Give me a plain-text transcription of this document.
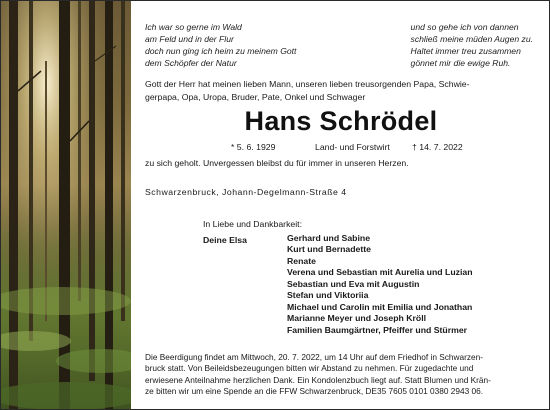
Ich war so gerne im Wald
am Feld und in der Flur
doch nun ging ich heim zu meinem Gott
dem Schöpfer der Natur
und so gehe ich von dannen
schließ meine müden Augen zu.
Haltet immer treu zusammen
gönnet mir die ewige Ruh.
Gott der Herr hat meinen lieben Mann, unseren lieben treusorgenden Papa, Schwie-
gerpapa, Opa, Uropa, Bruder, Pate, Onkel und Schwager
Hans Schrödel
* 5. 6. 1929	Land- und Forstwirt	† 14. 7. 2022
zu sich geholt. Unvergessen bleibst du für immer in unseren Herzen.
Schwarzenbruck, Johann-Degelmann-Straße 4
In Liebe und Dankbarkeit:
Deine Elsa	Gerhard und Sabine
Kurt und Bernadette
Renate
Verena und Sebastian mit Aurelia und Luzian
Sebastian und Eva mit Augustin
Stefan und Viktoriia
Michael und Carolin mit Emilia und Jonathan
Marianne Meyer und Joseph Kröll
Familien Baumgärtner, Pfeiffer und Stürmer
Die Beerdigung findet am Mittwoch, 20. 7. 2022, um 14 Uhr auf dem Friedhof in Schwarzen-
bruck statt. Von Beileidsbezeugungen bitten wir Abstand zu nehmen. Für zugedachte und
erwiesene Anteilnahme herzlichen Dank. Ein Kondolenzbuch liegt auf. Statt Blumen und Krän-
ze bitten wir um eine Spende an die FFW Schwarzenbruck, DE35 7605 0101 0380 2943 06.
